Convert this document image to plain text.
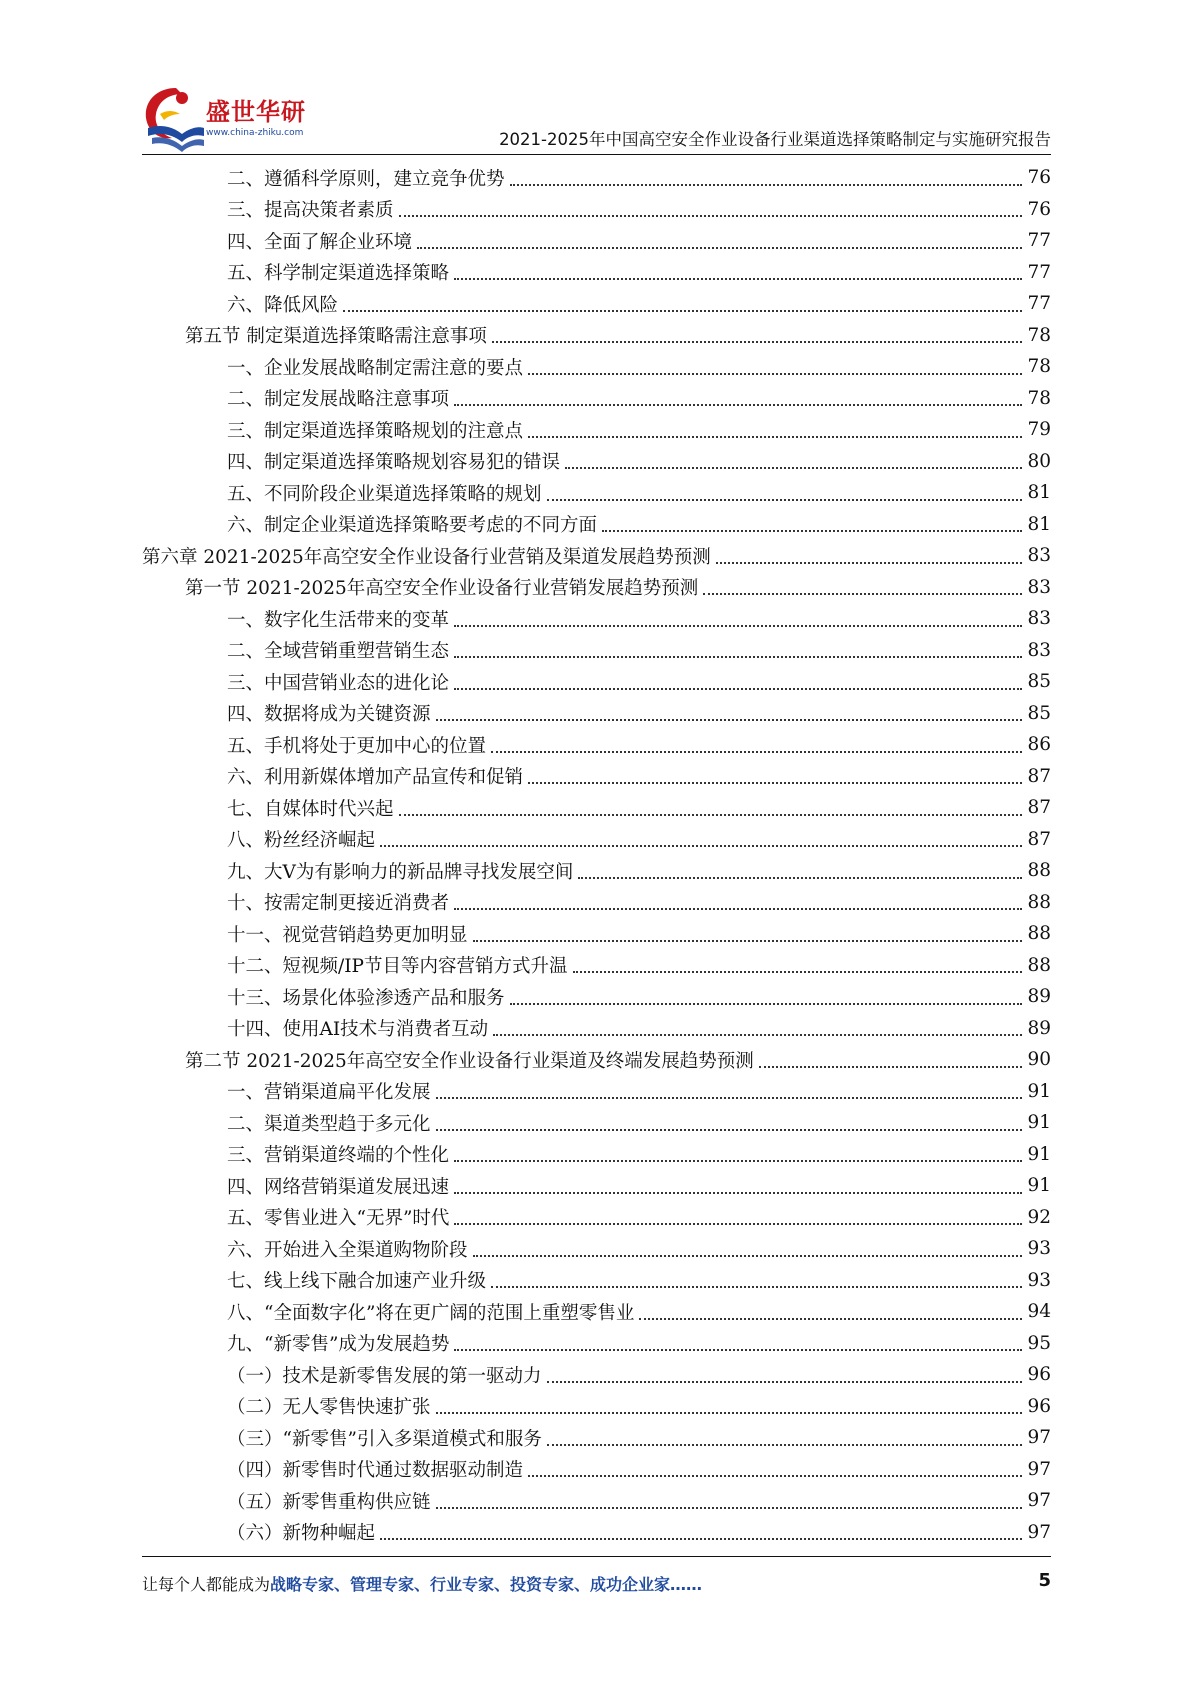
盛世华研
www.china-zhiku.com	2021-2025年中国高空安全作业设备行业渠道选择策略制定与实施研究报告
二、遵循科学原则，建立竞争优势	76
三、提高决策者素质	76
四、全面了解企业环境	77
五、科学制定渠道选择策略	77
六、降低风险	77
第五节 制定渠道选择策略需注意事项	78
一、企业发展战略制定需注意的要点	78
二、制定发展战略注意事项	78
三、制定渠道选择策略规划的注意点	79
四、制定渠道选择策略规划容易犯的错误	80
五、不同阶段企业渠道选择策略的规划	81
六、制定企业渠道选择策略要考虑的不同方面	81
第六章 2021-2025年高空安全作业设备行业营销及渠道发展趋势预测	83
第一节 2021-2025年高空安全作业设备行业营销发展趋势预测	83
一、数字化生活带来的变革	83
二、全域营销重塑营销生态	83
三、中国营销业态的进化论	85
四、数据将成为关键资源	85
五、手机将处于更加中心的位置	86
六、利用新媒体增加产品宣传和促销	87
七、自媒体时代兴起	87
八、粉丝经济崛起	87
九、大V为有影响力的新品牌寻找发展空间	88
十、按需定制更接近消费者	88
十一、视觉营销趋势更加明显	88
十二、短视频/IP节目等内容营销方式升温	88
十三、场景化体验渗透产品和服务	89
十四、使用AI技术与消费者互动	89
第二节 2021-2025年高空安全作业设备行业渠道及终端发展趋势预测	90
一、营销渠道扁平化发展	91
二、渠道类型趋于多元化	91
三、营销渠道终端的个性化	91
四、网络营销渠道发展迅速	91
五、零售业进入“无界”时代	92
六、开始进入全渠道购物阶段	93
七、线上线下融合加速产业升级	93
八、“全面数字化”将在更广阔的范围上重塑零售业	94
九、“新零售”成为发展趋势	95
（一）技术是新零售发展的第一驱动力	96
（二）无人零售快速扩张	96
（三）“新零售”引入多渠道模式和服务	97
（四）新零售时代通过数据驱动制造	97
（五）新零售重构供应链	97
（六）新物种崛起	97
让每个人都能成为战略专家、管理专家、行业专家、投资专家、成功企业家……	5
